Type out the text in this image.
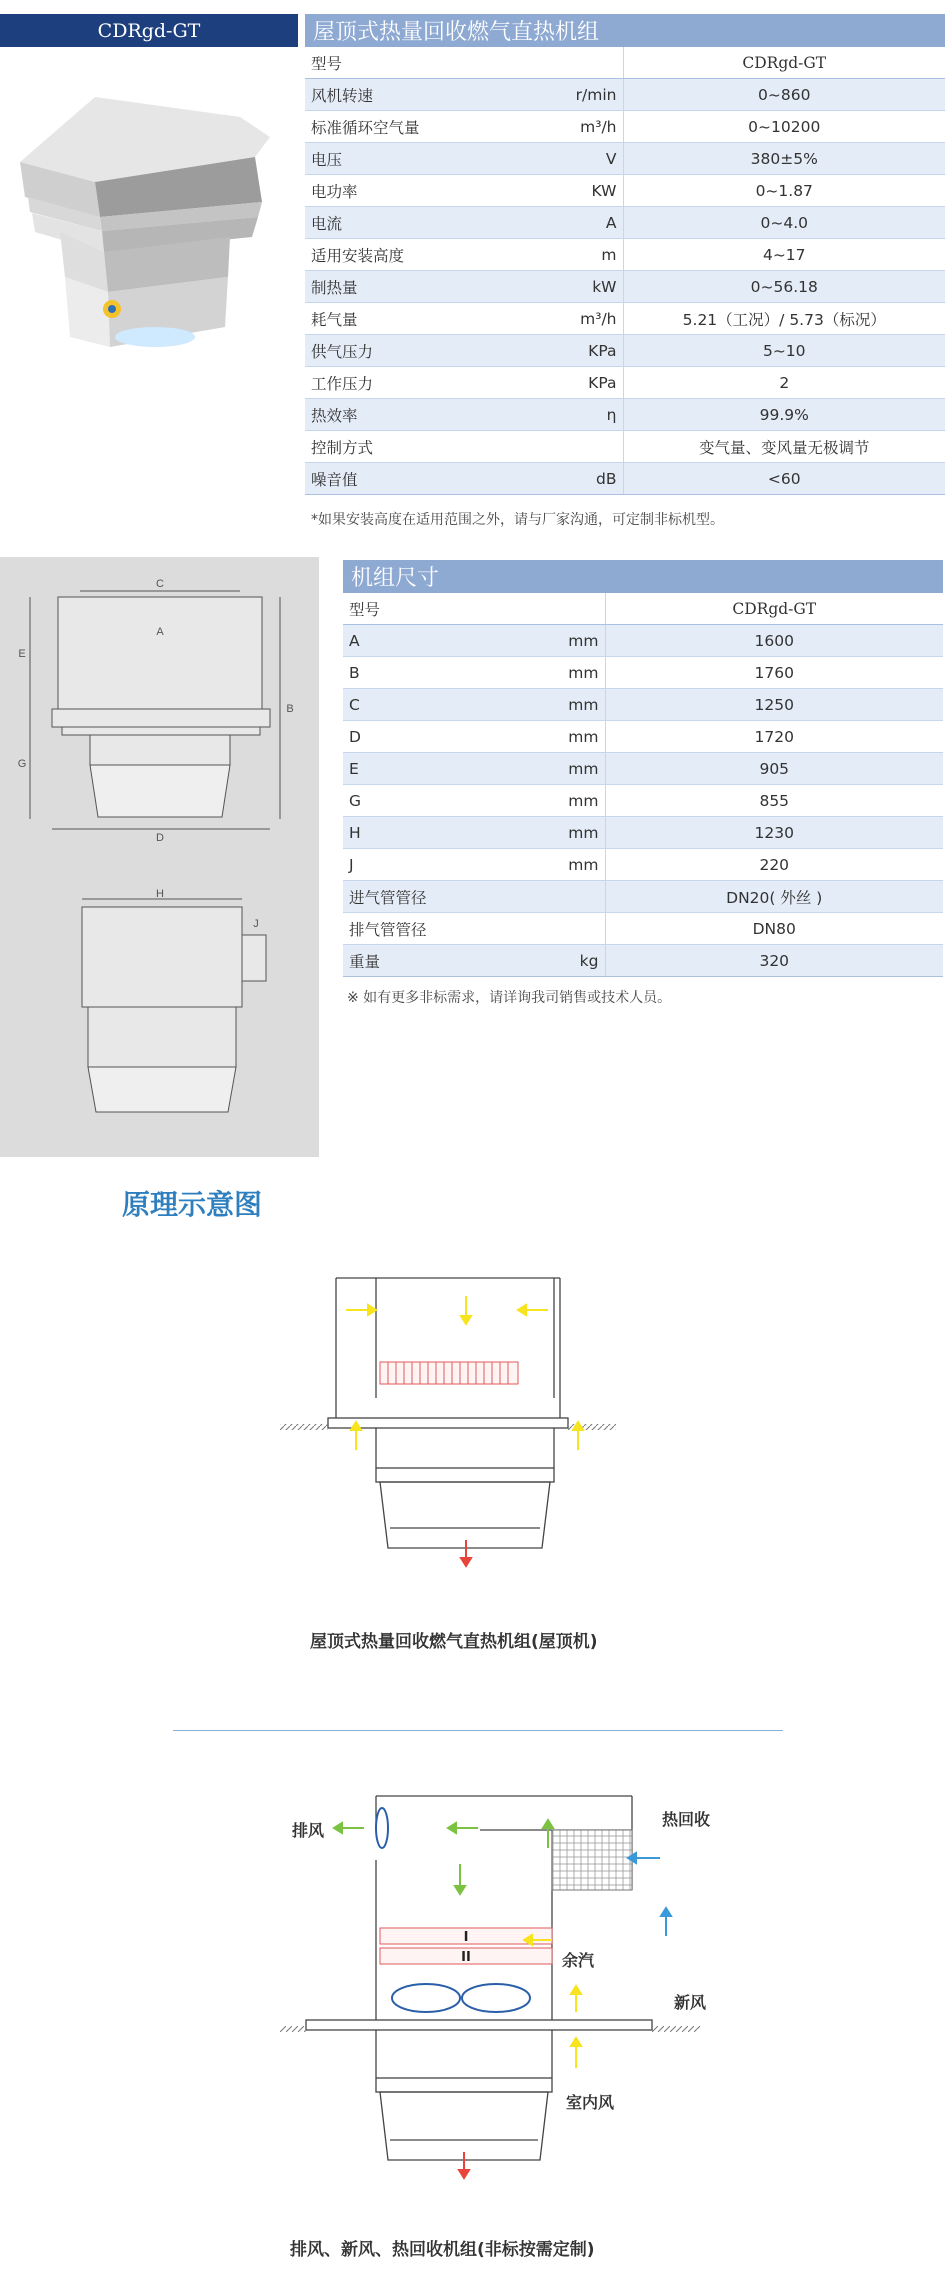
CDRgd-GT	屋顶式热量回收燃气直热机组
型号		CDRgd-GT
风机转速	r/min	0~860
标准循环空气量	m³/h	0~10200
电压	V	380±5%
电功率	KW	0~1.87
电流	A	0~4.0
适用安装高度	m	4~17
制热量	kW	0~56.18
耗气量	m³/h	5.21（工况）/ 5.73（标况）
供气压力	KPa	5~10
工作压力	KPa	2
热效率	η	99.9%
控制方式		变气量、变风量无极调节
噪音值	dB	<60
*如果安装高度在适用范围之外，请与厂家沟通，可定制非标机型。
C
A
E
G
B
D
H
J
机组尺寸
型号		CDRgd-GT
A	mm	1600
B	mm	1760
C	mm	1250
D	mm	1720
E	mm	905
G	mm	855
H	mm	1230
J	mm	220
进气管管径		DN20( 外丝 )
排气管管径		DN80
重量	kg	320
※ 如有更多非标需求，请详询我司销售或技术人员。
原理示意图
屋顶式热量回收燃气直热机组(屋顶机)
I
II
排风
热回收
余汽
新风
室内风
排风、新风、热回收机组(非标按需定制)
